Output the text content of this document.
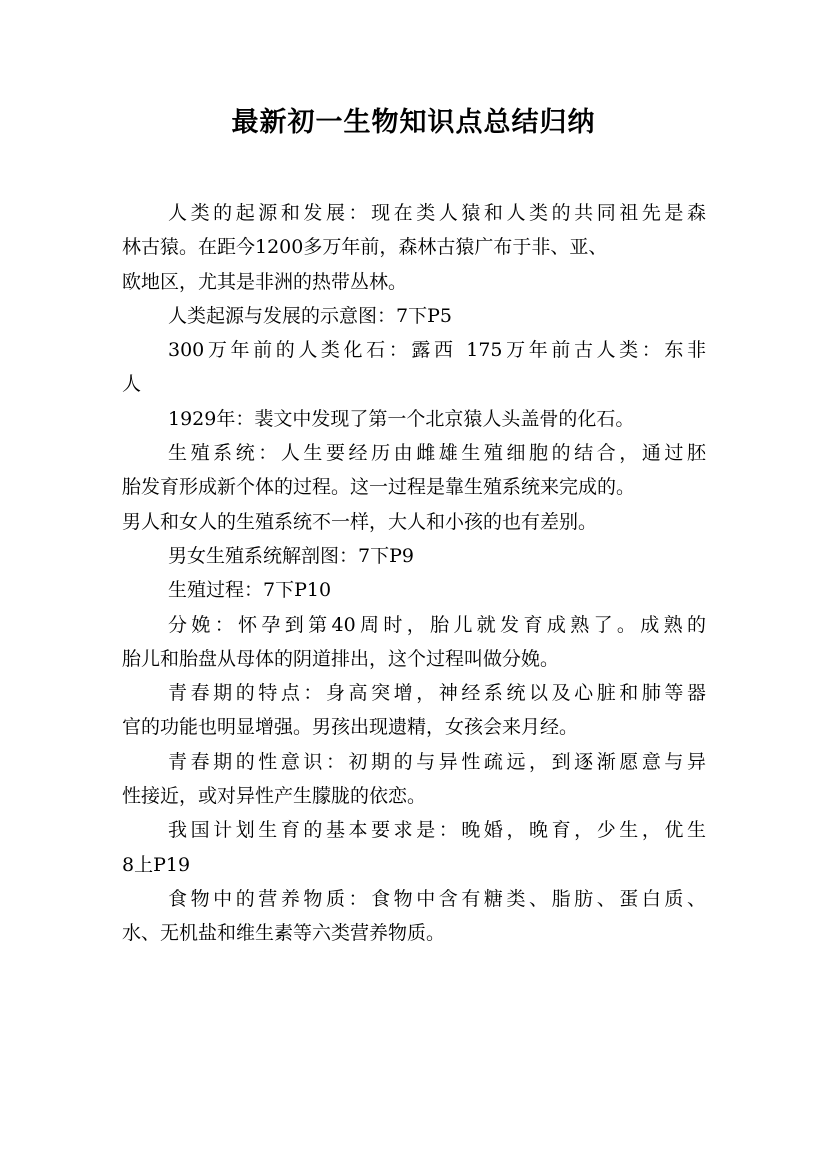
最新初一生物知识点总结归纳
人类的起源和发展：现在类人猿和人类的共同祖先是森
林古猿。在距今1200多万年前，森林古猿广布于非、亚、
欧地区，尤其是非洲的热带丛林。
人类起源与发展的示意图：7下P5
300万年前的人类化石：露西 175万年前古人类：东非
人
1929年：裴文中发现了第一个北京猿人头盖骨的化石。
生殖系统：人生要经历由雌雄生殖细胞的结合，通过胚
胎发育形成新个体的过程。这一过程是靠生殖系统来完成的。
男人和女人的生殖系统不一样，大人和小孩的也有差别。
男女生殖系统解剖图：7下P9
生殖过程：7下P10
分娩：怀孕到第40周时，胎儿就发育成熟了。成熟的
胎儿和胎盘从母体的阴道排出，这个过程叫做分娩。
青春期的特点：身高突增，神经系统以及心脏和肺等器
官的功能也明显增强。男孩出现遗精，女孩会来月经。
青春期的性意识：初期的与异性疏远，到逐渐愿意与异
性接近，或对异性产生朦胧的依恋。
我国计划生育的基本要求是：晚婚，晚育，少生，优生
8上P19
食物中的营养物质：食物中含有糖类、脂肪、蛋白质、
水、无机盐和维生素等六类营养物质。
